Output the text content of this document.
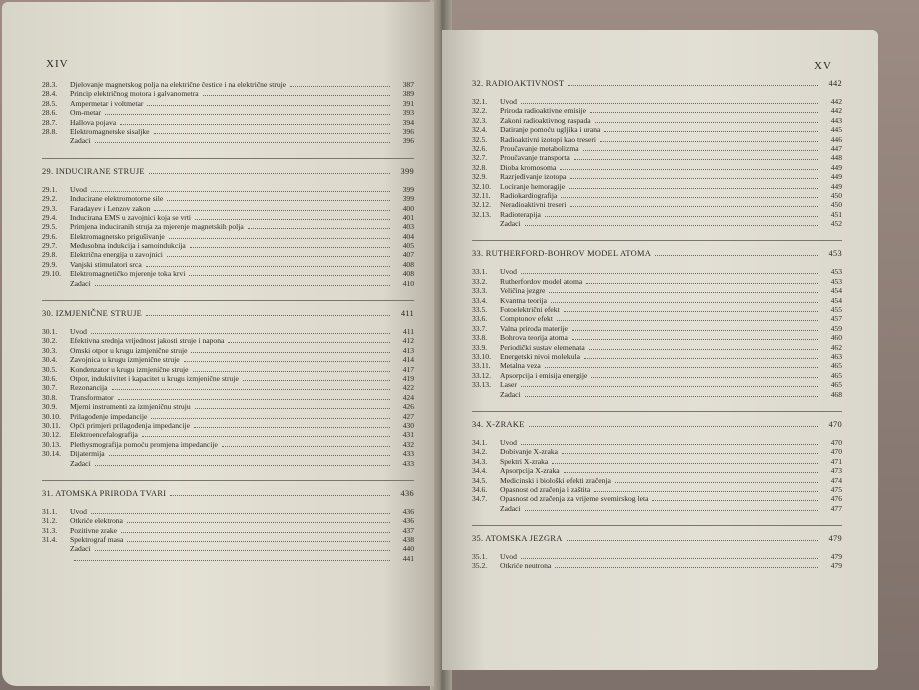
XIV
28.3.	Djelovanje magnetskog polja na električne čestice i na električne struje	387
28.4.	Princip električnog motora i galvanometra	389
28.5.	Ampermetar i voltmetar	391
28.6.	Om-metar	393
28.7.	Hallova pojava	394
28.8.	Elektromagnetske sisaljke	396
Zadaci	396
29. INDUCIRANE STRUJE	399
29.1.	Uvod	399
29.2.	Inducirane elektromotorne sile	399
29.3.	Faradayev i Lenzov zakon	400
29.4.	Inducirana EMS u zavojnici koja se vrti	401
29.5.	Primjena induciranih struja za mjerenje magnetskih polja	403
29.6.	Elektromagnetsko prigušivanje	404
29.7.	Međusobna indukcija i samoindukcija	405
29.8.	Električna energija u zavojnici	407
29.9.	Vanjski stimulatori srca	408
29.10.	Elektromagnetičko mjerenje toka krvi	408
Zadaci	410
30. IZMJENIČNE STRUJE	411
30.1.	Uvod	411
30.2.	Efektivna srednja vrijednost jakosti struje i napona	412
30.3.	Omski otpor u krugu izmjenične struje	413
30.4.	Zavojnica u krugu izmjenične struje	414
30.5.	Kondenzator u krugu izmjenične struje	417
30.6.	Otpor, induktivitet i kapacitet u krugu izmjenične struje	419
30.7.	Rezonancija	422
30.8.	Transformator	424
30.9.	Mjerni instrumenti za izmjeničnu struju	426
30.10.	Prilagođenje impedancije	427
30.11.	Opći primjeri prilagođenja impedancije	430
30.12.	Elektroencefalografija	431
30.13.	Plethysmografija pomoću promjena impedancije	432
30.14.	Dijatermija	433
Zadaci	433
31. ATOMSKA PRIRODA TVARI	436
31.1.	Uvod	436
31.2.	Otkriće elektrona	436
31.3.	Pozitivne zrake	437
31.4.	Spektrograf masa	438
Zadaci	440
441
XV
32. RADIOAKTIVNOST	442
32.1.	Uvod	442
32.2.	Priroda radioaktivne emisije	442
32.3.	Zakoni radioaktivnog raspada	443
32.4.	Datiranje pomoću ugljika i urana	445
32.5.	Radioaktivni izotopi kao treseri	446
32.6.	Proučavanje metabolizma	447
32.7.	Proučavanje transporta	448
32.8.	Dioba kromosoma	449
32.9.	Razrjeđivanje izotopa	449
32.10.	Lociranje hemoragije	449
32.11.	Radiokardiografija	450
32.12.	Neradioaktivni treseri	450
32.13.	Radioterapija	451
Zadaci	452
33. RUTHERFORD-BOHROV MODEL ATOMA	453
33.1.	Uvod	453
33.2.	Rutherfordov model atoma	453
33.3.	Veličina jezgre	454
33.4.	Kvantna teorija	454
33.5.	Fotoelektrični efekt	455
33.6.	Comptonov efekt	457
33.7.	Valna priroda materije	459
33.8.	Bohrova teorija atoma	460
33.9.	Periodički sustav elemenata	462
33.10.	Energetski nivoi molekula	463
33.11.	Metalna veza	465
33.12.	Apsorpcija i emisija energije	465
33.13.	Laser	465
Zadaci	468
34. X-ZRAKE	470
34.1.	Uvod	470
34.2.	Dobivanje X-zraka	470
34.3.	Spektri X-zraka	471
34.4.	Apsorpcija X-zraka	473
34.5.	Medicinski i biološki efekti zračenja	474
34.6.	Opasnost od zračenja i zaštita	475
34.7.	Opasnost od zračenja za vrijeme svemirskog leta	476
Zadaci	477
35. ATOMSKA JEZGRA	479
35.1.	Uvod	479
35.2.	Otkriće neutrona	479
